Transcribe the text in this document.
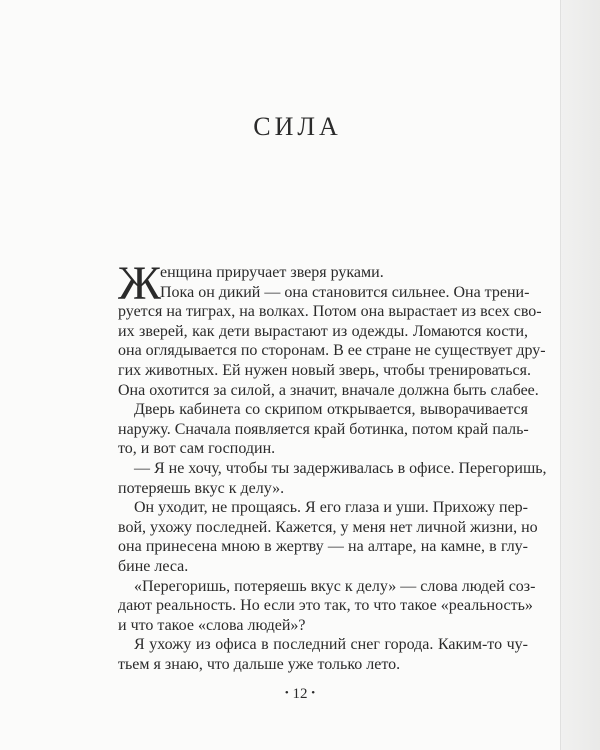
СИЛА
Ж
енщина приручает зверя руками.
Пока он дикий — она становится сильнее. Она трени-
руется на тиграх, на волках. Потом она вырастает из всех сво-
их зверей, как дети вырастают из одежды. Ломаются кости,
она оглядывается по сторонам. В ее стране не существует дру-
гих животных. Ей нужен новый зверь, чтобы тренироваться.
Она охотится за силой, а значит, вначале должна быть слабее.
Дверь кабинета со скрипом открывается, выворачивается
наружу. Сначала появляется край ботинка, потом край паль-
то, и вот сам господин.
— Я не хочу, чтобы ты задерживалась в офисе. Перегоришь,
потеряешь вкус к делу».
Он уходит, не прощаясь. Я его глаза и уши. Прихожу пер-
вой, ухожу последней. Кажется, у меня нет личной жизни, но
она принесена мною в жертву — на алтаре, на камне, в глу-
бине леса.
«Перегоришь, потеряешь вкус к делу» — слова людей соз-
дают реальность. Но если это так, то что такое «реальность»
и что такое «слова людей»?
Я ухожу из офиса в последний снег города. Каким-то чу-
тьем я знаю, что дальше уже только лето.
• 12 •
